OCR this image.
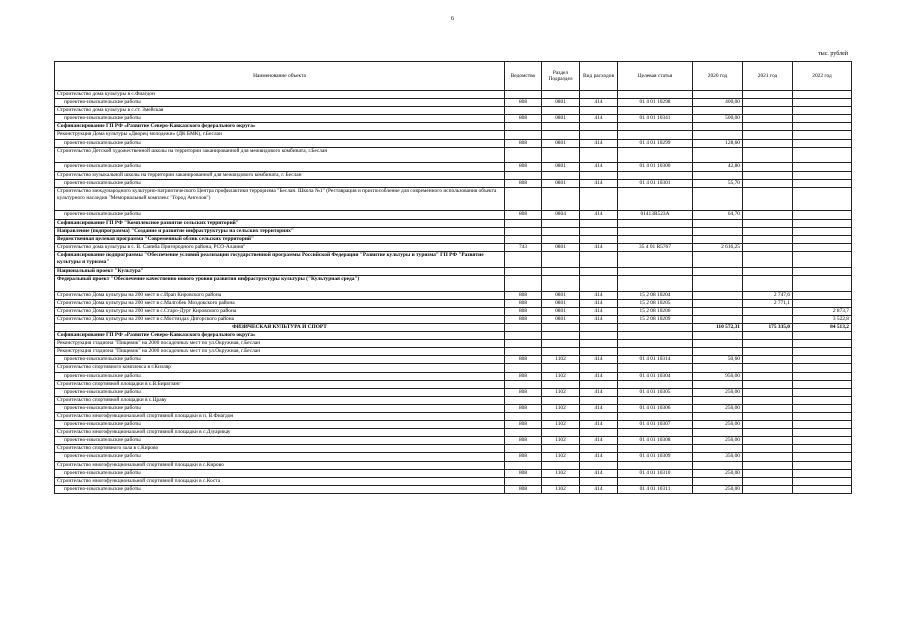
6
тыс. рублей
Наименование объекта	Ведомство	Раздел Подраздел	Вид расходов	Целевая статья	2020 год	2021 год	2022 год
Строительство дома культуры в с.Фиагдон							
проектно-изыскательские работы	808	0801	414	01 4 01 10298	400,00		
Строительство дома культуры в с.ст. Змейская							
проектно-изыскательские работы	808	0801	414	01 4 01 10341	500,00		
Софинансирование ГП РФ «Развитие Северо-Кавказского федерального округа»							
Реконструкция Дома культуры «Дворец молодежи» (ДК БМК), г.Беслан							
проектно-изыскательские работы	808	0801	414	01 4 01 10299	128,60		
Строительство Детской художественной школы на территории заканированной для межвидового комбината, г.Беслан							
проектно-изыскательские работы	808	0801	414	01 4 01 10300	42,80		
Строительство музыкальной школы на территории заканированной для межвидового комбината, г. Беслан							
проектно-изыскательские работы	808	0801	414	01 4 01 10301	55,70		
Строительство международного культурно-патриотического Центра профилактики терроризма "Беслан. Школа №1" (Реставрация и приспособление для современного использования объекта культурного наследия "Мемориальный комплекс "Город Ангелов")							
проектно-изыскательские работы	808	0804	414	01413R523A	64,70		
Софинансирование ГП РФ "Комплексное развитие сельских территорий"							
Направление (подпрограмма) "Создание и развитие инфраструктуры на сельских территориях"							
Ведомственная целевая программа "Современный облик сельских территорий"							
Строительство дома культуры в с. В. Саниба Пригородного района, РСО-Алания"	743	0801	414	35 4 01 R5767	2 616,25		
Софинансирование подпрограммы "Обеспечение условий реализации государственной программы Российской Федерации "Развитие культуры и туризма" ГП РФ "Развитие культуры и туризма"							
Национальный проект "Культура"							
Федеральный проект "Обеспечение качественно нового уровня развития инфраструктуры культуры ("Культурная среда")							
Строительство Дома культуры на 200 мест в с.Ирап Кировского района	808	0801	414	15 2 08 10204		2 747,6	
Строительство Дома культуры на 200 мест в с.Малгобек Моздокского района	808	0801	414	15 2 08 10205		2 771,1	
Строительство Дома культуры на 200 мест в с.Старо-Дурт Кировского района	808	0801	414	15 2 08 10206			2 873,7
Строительство Дома культуры на 200 мест в с.Мостиздах Дигорского района	808	0801	414	15 2 08 10209			3 522,8
ФИЗИЧЕСКАЯ КУЛЬТУРА И СПОРТ					110 572,31	175 335,0	84 513,2
Софинансирование ГП РФ «Развитие Северо-Кавказского федерального округа»							
Реконструкция стадиона "Пищевик" на 2000 посадочных мест по ул.Окружная, г.Беслан							
Реконструкция стадиона "Пищевик" на 2000 посадочных мест по ул.Окружная, г.Беслан							
проектно-изыскательские работы	808	1102	414	01 4 01 10314	50,60		
Строительство спортивного комплекса в г.Кизляр							
проектно-изыскательские работы	808	1102	414	01 4 01 10304	950,00		
Строительство спортивной площадки в с.В.Бирагзанг							
проектно-изыскательские работы	808	1102	414	01 4 01 10305	250,00		
Строительство спортивной площадки в с.Цраву							
проектно-изыскательские работы	808	1102	414	01 4 01 10306	250,00		
Строительство многофункциональной спортивной площадки в п. В.Фиагдон							
проектно-изыскательские работы	808	1102	414	01 4 01 10307	250,00		
Строительство многофункциональной спортивной площадки в с.Дзуарикау							
проектно-изыскательские работы	808	1102	414	01 4 01 10308	250,00		
Строительство спортивного зала в с.Кирово							
проектно-изыскательские работы	808	1102	414	01 4 01 10309	350,00		
Строительство многофункциональной спортивной площадки в с.Кирово							
проектно-изыскательские работы	808	1102	414	01 4 01 10310	250,00		
Строительство многофункциональной спортивной площадки в с.Коста							
проектно-изыскательские работы	808	1102	414	01 4 01 10311	250,00		
